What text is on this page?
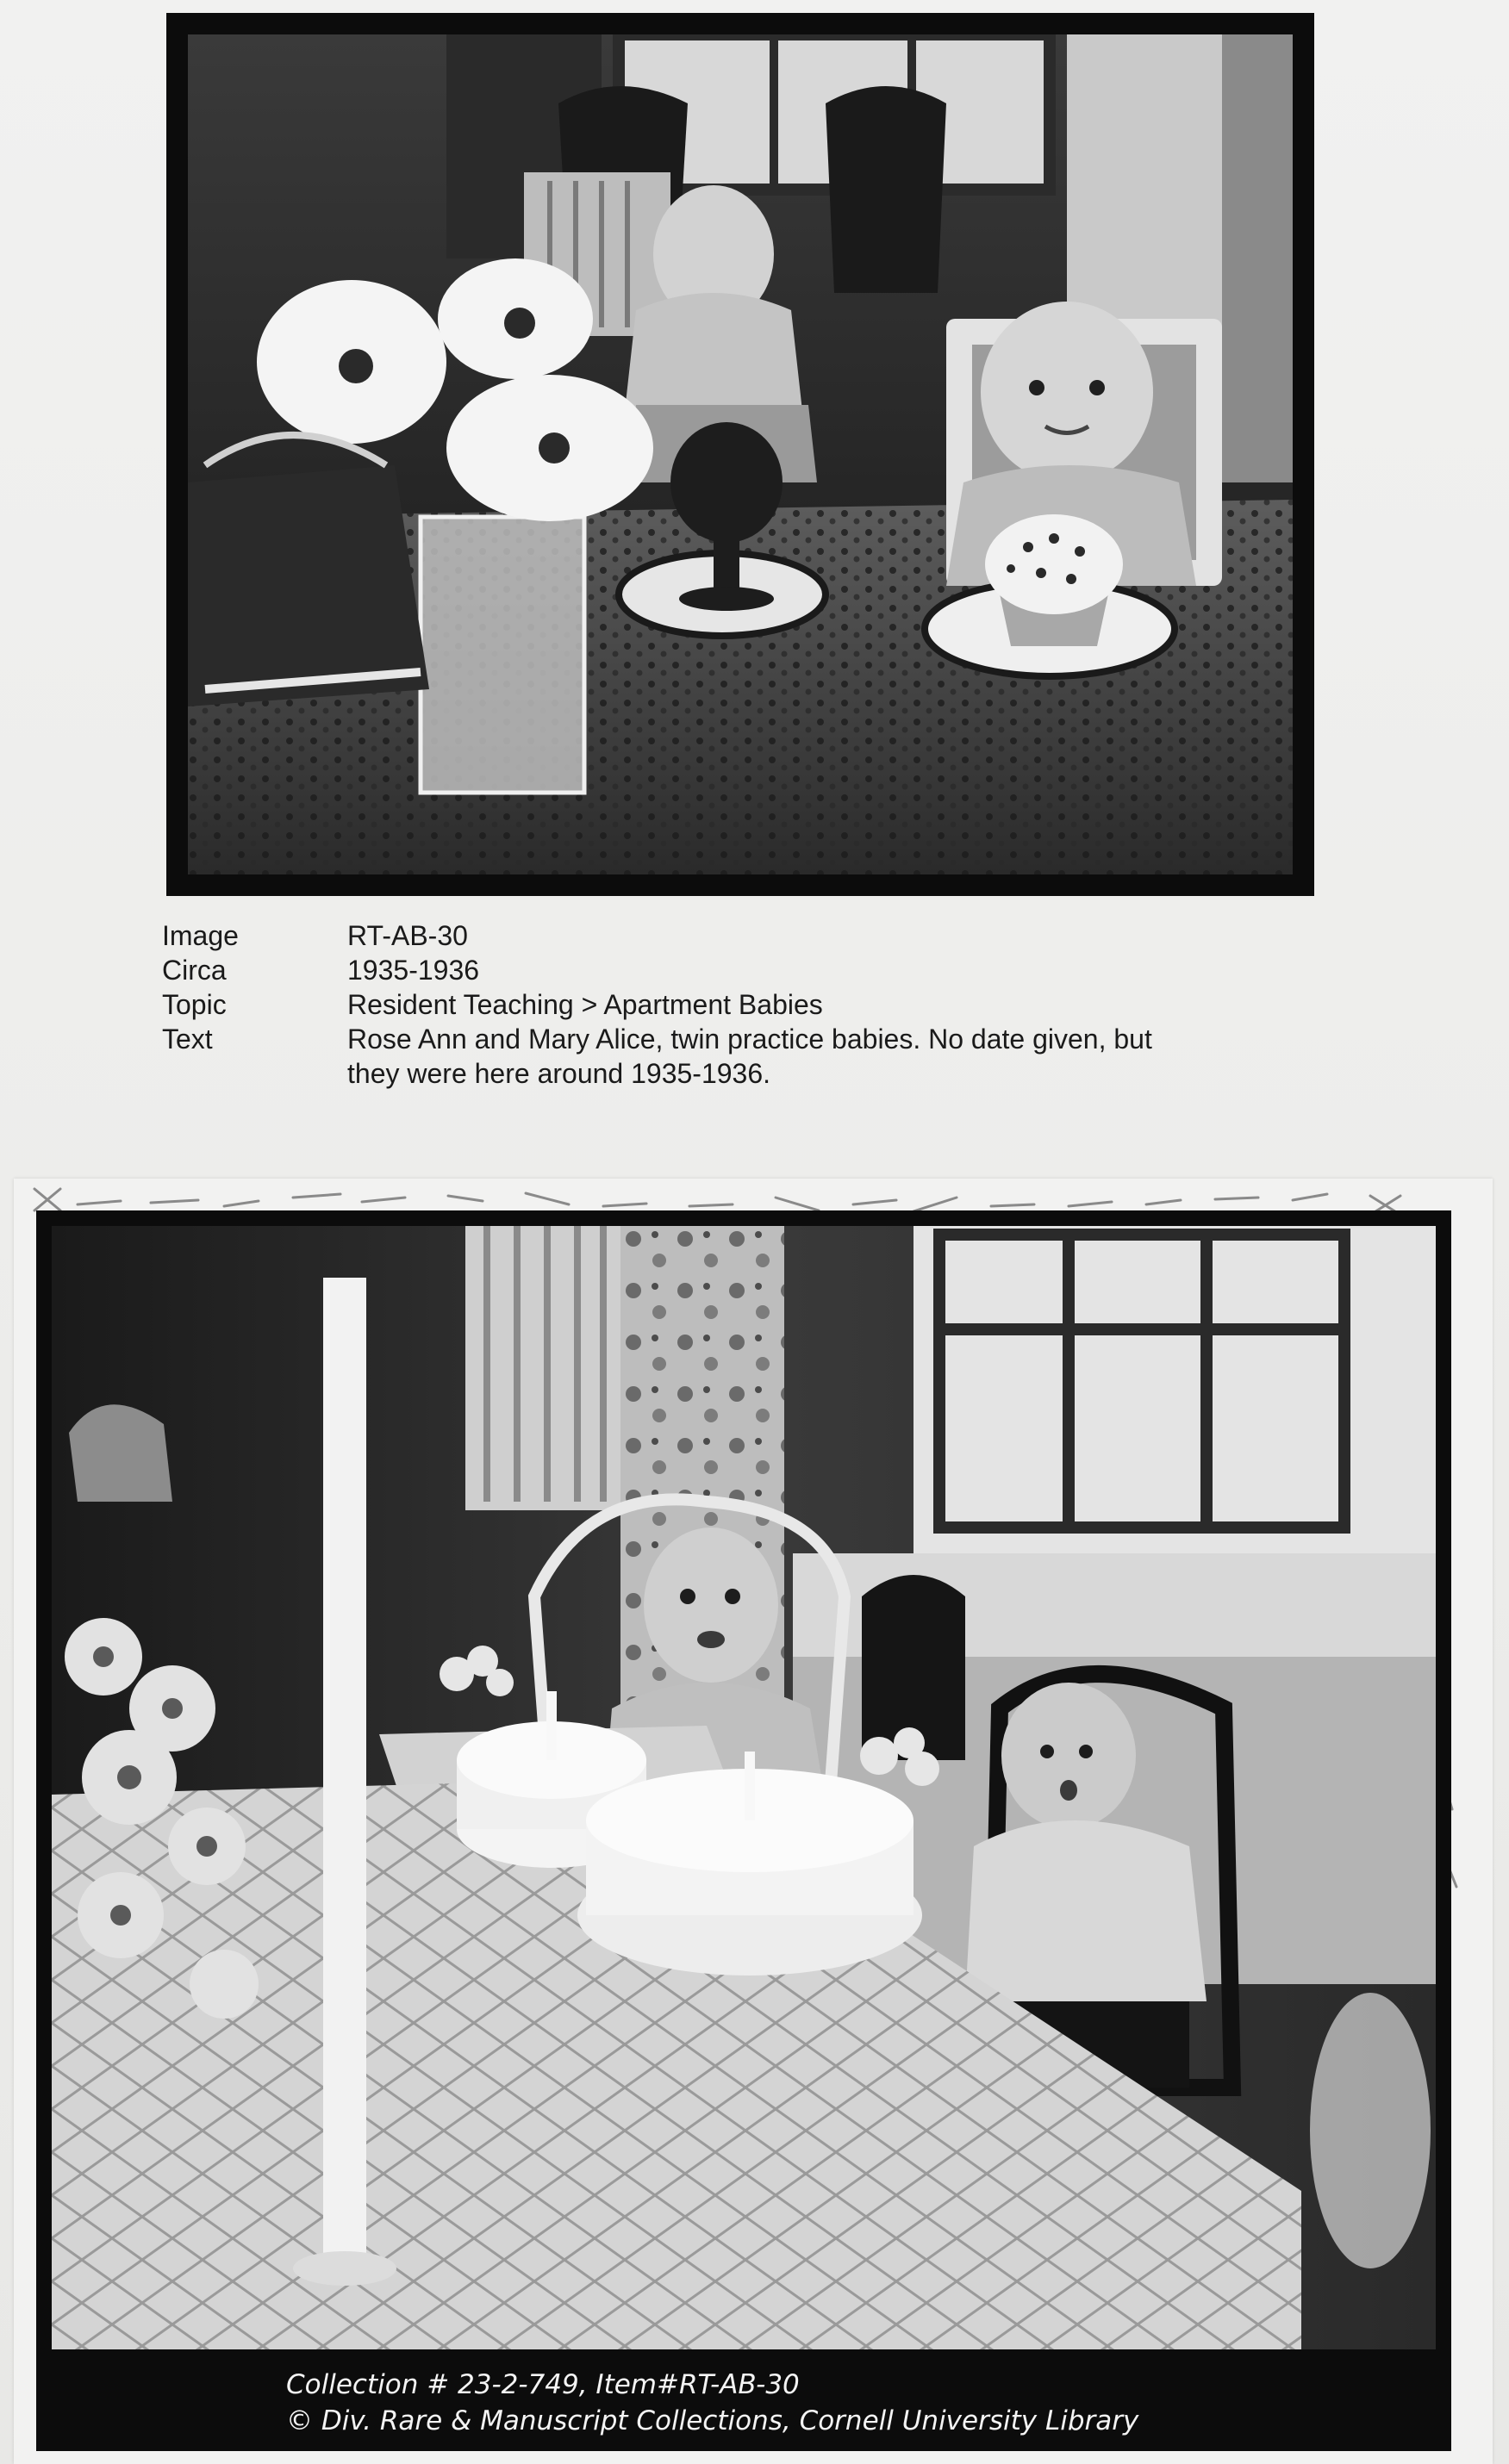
Image	RT-AB-30
Circa	1935-1936
Topic	Resident Teaching > Apartment Babies
Text	Rose Ann and Mary Alice, twin practice babies. No date given, but
they were here around 1935-1936.
Collection # 23-2-749, Item#RT-AB-30
© Div. Rare & Manuscript Collections, Cornell University Library
